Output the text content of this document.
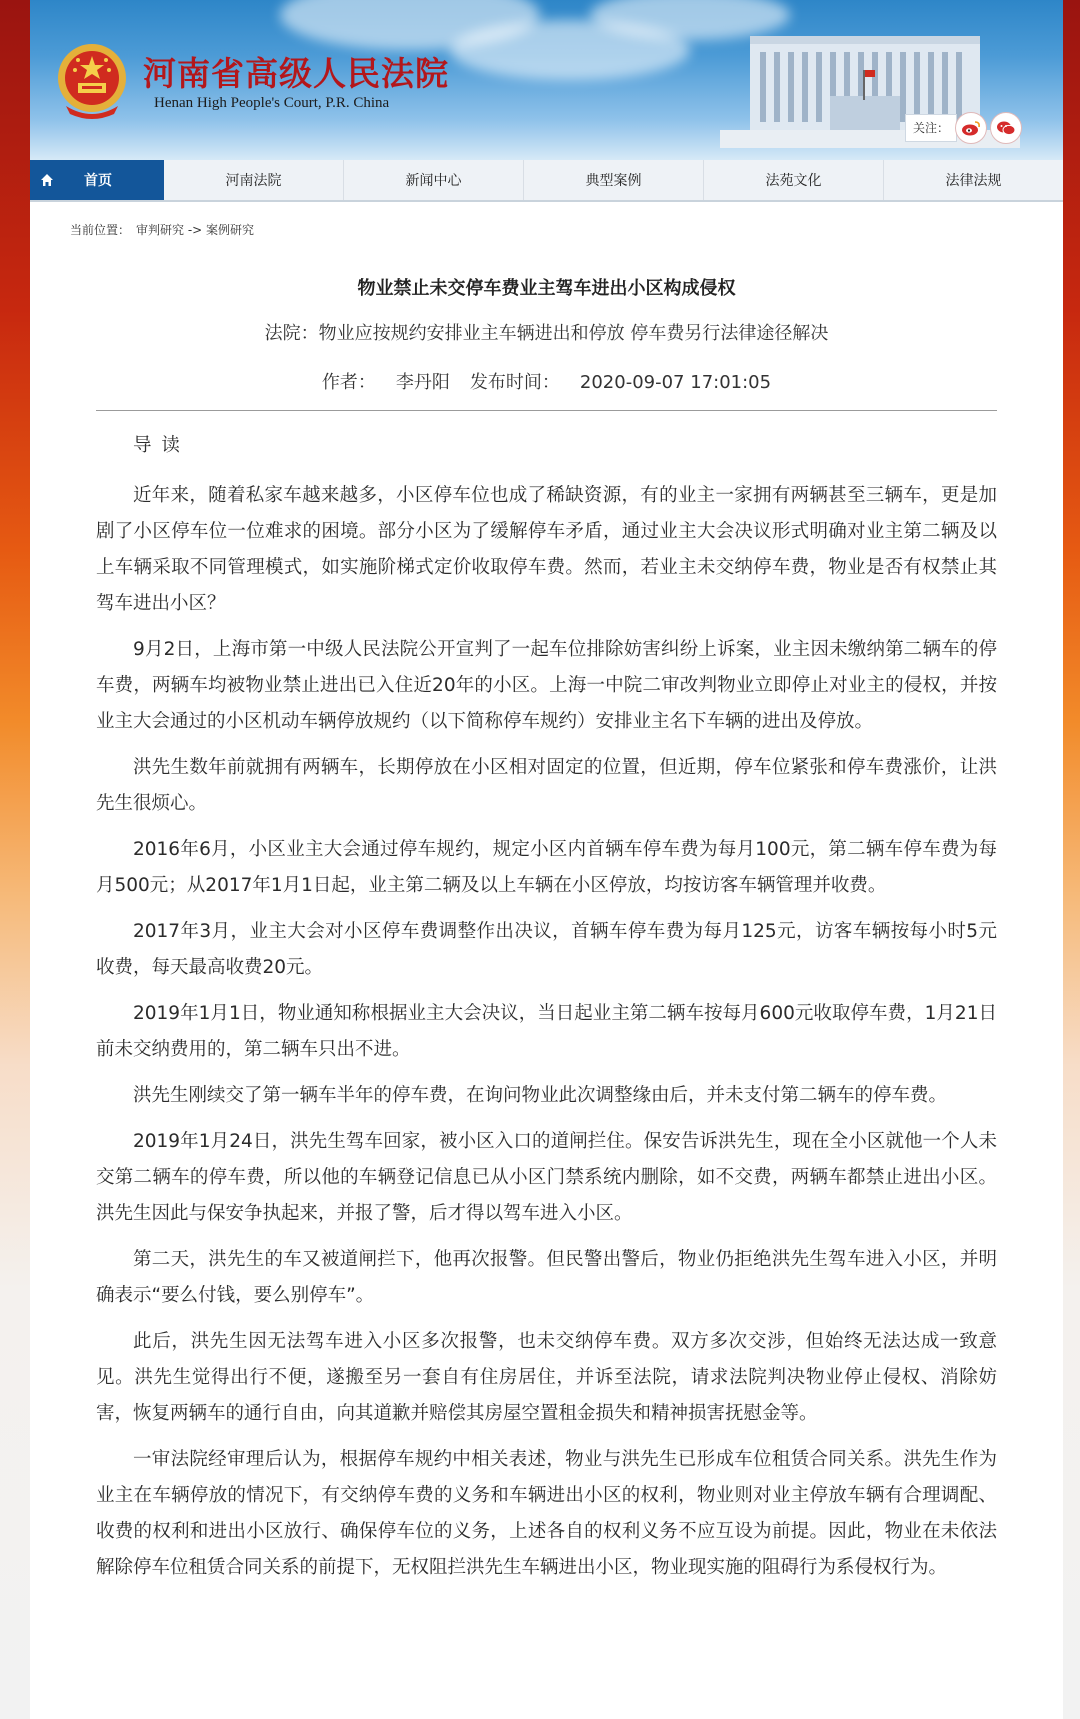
河南省高级人民法院
Henan High People's Court, P.R. China
关注：
首页	河南法院	新闻中心	典型案例	法苑文化	法律法规
当前位置： 审判研究 -> 案例研究
物业禁止未交停车费业主驾车进出小区构成侵权
法院：物业应按规约安排业主车辆进出和停放 停车费另行法律途径解决
作者： 李丹阳 发布时间： 2020-09-07 17:01:05

导 读

近年来，随着私家车越来越多，小区停车位也成了稀缺资源，有的业主一家拥有两辆甚至三辆车，更是加剧了小区停车位一位难求的困境。部分小区为了缓解停车矛盾，通过业主大会决议形式明确对业主第二辆及以上车辆采取不同管理模式，如实施阶梯式定价收取停车费。然而，若业主未交纳停车费，物业是否有权禁止其驾车进出小区？

9月2日，上海市第一中级人民法院公开宣判了一起车位排除妨害纠纷上诉案，业主因未缴纳第二辆车的停车费，两辆车均被物业禁止进出已入住近20年的小区。上海一中院二审改判物业立即停止对业主的侵权，并按业主大会通过的小区机动车辆停放规约（以下简称停车规约）安排业主名下车辆的进出及停放。

洪先生数年前就拥有两辆车，长期停放在小区相对固定的位置，但近期，停车位紧张和停车费涨价，让洪先生很烦心。

2016年6月，小区业主大会通过停车规约，规定小区内首辆车停车费为每月100元，第二辆车停车费为每月500元；从2017年1月1日起，业主第二辆及以上车辆在小区停放，均按访客车辆管理并收费。

2017年3月，业主大会对小区停车费调整作出决议，首辆车停车费为每月125元，访客车辆按每小时5元收费，每天最高收费20元。

2019年1月1日，物业通知称根据业主大会决议，当日起业主第二辆车按每月600元收取停车费，1月21日前未交纳费用的，第二辆车只出不进。

洪先生刚续交了第一辆车半年的停车费，在询问物业此次调整缘由后，并未支付第二辆车的停车费。

2019年1月24日，洪先生驾车回家，被小区入口的道闸拦住。保安告诉洪先生，现在全小区就他一个人未交第二辆车的停车费，所以他的车辆登记信息已从小区门禁系统内删除，如不交费，两辆车都禁止进出小区。洪先生因此与保安争执起来，并报了警，后才得以驾车进入小区。

第二天，洪先生的车又被道闸拦下，他再次报警。但民警出警后，物业仍拒绝洪先生驾车进入小区，并明确表示“要么付钱，要么别停车”。

此后，洪先生因无法驾车进入小区多次报警，也未交纳停车费。双方多次交涉，但始终无法达成一致意见。洪先生觉得出行不便，遂搬至另一套自有住房居住，并诉至法院，请求法院判决物业停止侵权、消除妨害，恢复两辆车的通行自由，向其道歉并赔偿其房屋空置租金损失和精神损害抚慰金等。

一审法院经审理后认为，根据停车规约中相关表述，物业与洪先生已形成车位租赁合同关系。洪先生作为业主在车辆停放的情况下，有交纳停车费的义务和车辆进出小区的权利，物业则对业主停放车辆有合理调配、收费的权利和进出小区放行、确保停车位的义务，上述各自的权利义务不应互设为前提。因此，物业在未依法解除停车位租赁合同关系的前提下，无权阻拦洪先生车辆进出小区，物业现实施的阻碍行为系侵权行为。
